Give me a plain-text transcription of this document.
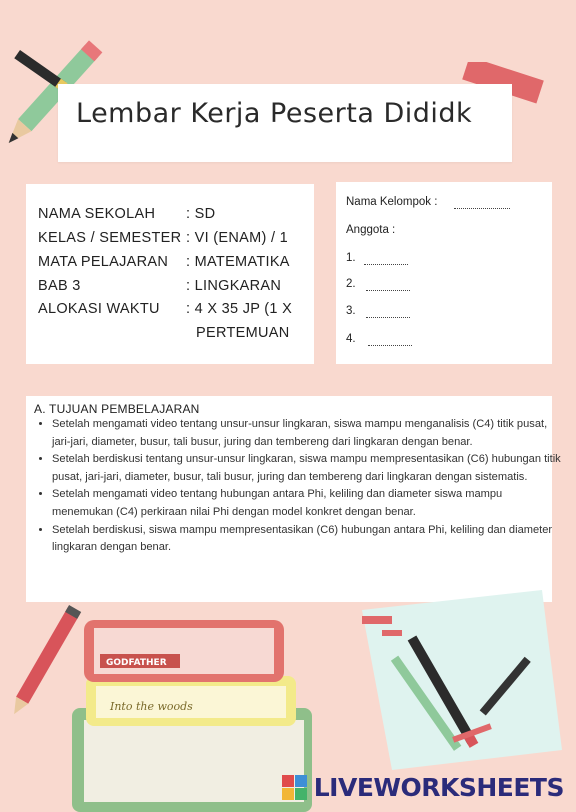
Lembar Kerja Peserta Dididk
NAMA SEKOLAH : SD
KELAS / SEMESTER : VI (ENAM) / 1
MATA PELAJARAN : MATEMATIKA
BAB 3	: LINGKARAN
ALOKASI WAKTU : 4 X 35 JP (1 X
PERTEMUAN
Nama Kelompok :
Anggota :
1.
2.
3.
4.
A. TUJUAN PEMBELAJARAN
• Setelah mengamati video tentang unsur-unsur lingkaran, siswa mampu menganalisis (C4) titik pusat, jari-jari, diameter, busur, tali busur, juring dan tembereng dari lingkaran dengan benar.
• Setelah berdiskusi tentang unsur-unsur lingkaran, siswa mampu mempresentasikan (C6) hubungan titik pusat, jari-jari, diameter, busur, tali busur, juring dan tembereng dari lingkaran dengan sistematis.
• Setelah mengamati video tentang hubungan antara Phi, keliling dan diameter siswa mampu menemukan (C4) perkiraan nilai Phi dengan model konkret dengan benar.
• Setelah berdiskusi, siswa mampu mempresentasikan (C6) hubungan antara Phi, keliling dan diameter lingkaran dengan benar.
Into the woods
GODFATHER
LIVEWORKSHEETS
